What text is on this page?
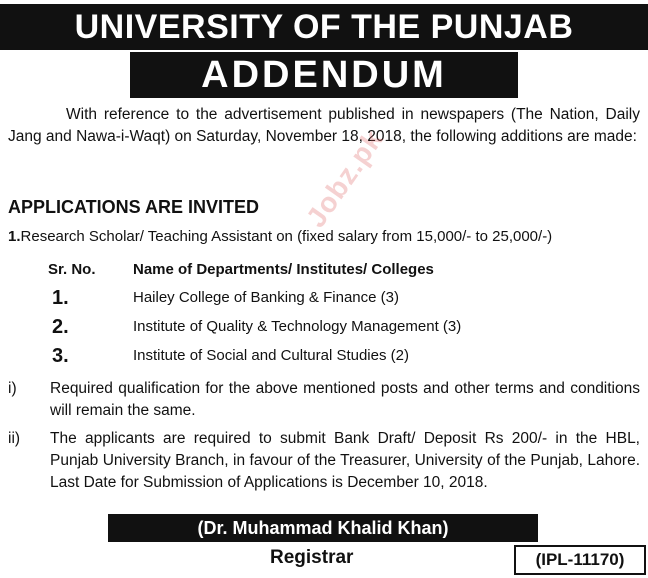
UNIVERSITY OF THE PUNJAB
ADDENDUM
With reference to the advertisement published in newspapers (The Nation, Daily Jang and Nawa-i-Waqt) on Saturday, November 18, 2018, the following additions are made:
APPLICATIONS ARE INVITED
1.Research Scholar/ Teaching Assistant on (fixed salary from 15,000/- to 25,000/-)
Sr. No. Name of Departments/ Institutes/ Colleges
1.	Hailey College of Banking & Finance (3)
2.	Institute of Quality & Technology Management (3)
3.	Institute of Social and Cultural Studies (2)
i) Required qualification for the above mentioned posts and other terms and conditions will remain the same.
ii) The applicants are required to submit Bank Draft/ Deposit Rs 200/- in the HBL, Punjab University Branch, in favour of the Treasurer, University of the Punjab, Lahore. Last Date for Submission of Applications is December 10, 2018.
(Dr. Muhammad Khalid Khan)
Registrar	(IPL-11170)
Jobz.pk
